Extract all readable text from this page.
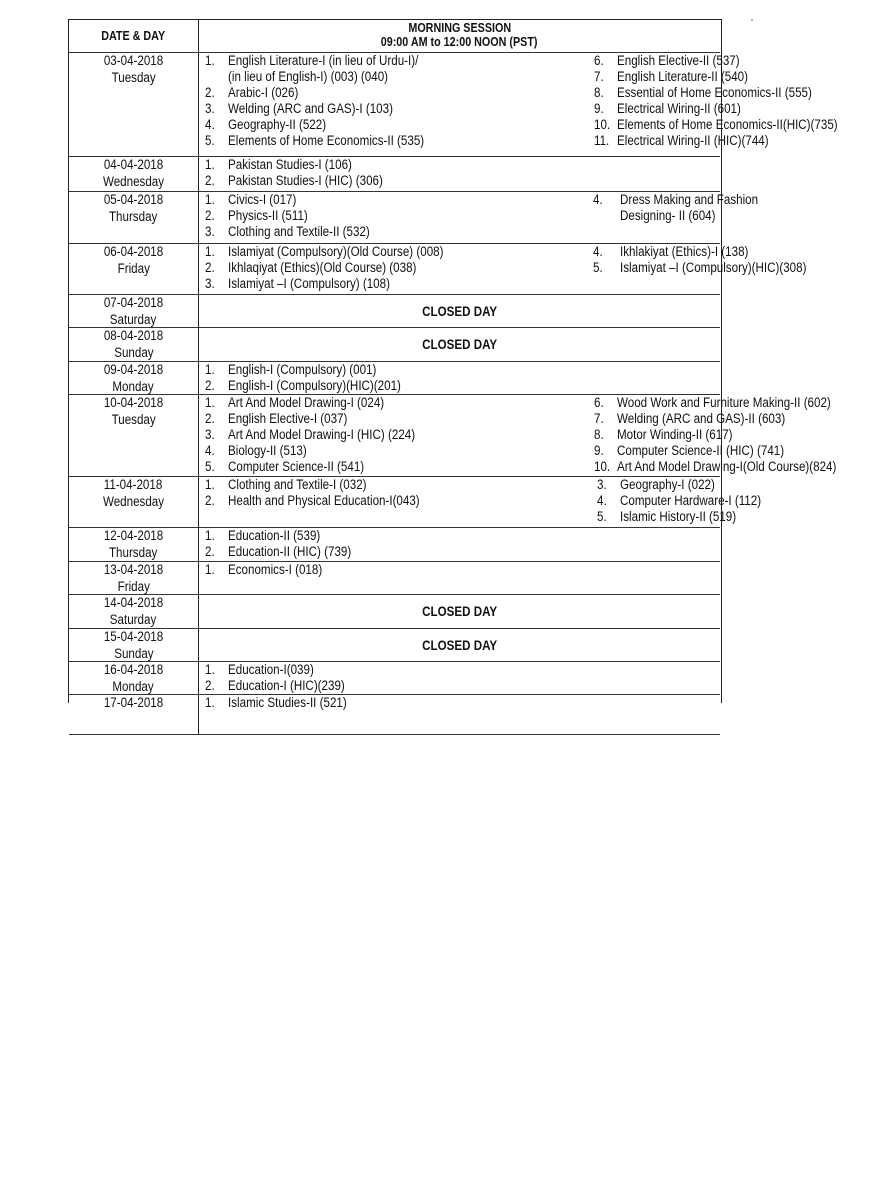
DATE & DAY
MORNING SESSION
09:00 AM to 12:00 NOON (PST)
03-04-2018
Tuesday
1. English Literature-I (in lieu of Urdu-I)/
(in lieu of English-I) (003) (040)
2. Arabic-I (026)
3. Welding (ARC and GAS)-I (103)
4. Geography-II (522)
5. Elements of Home Economics-II (535)
6. English Elective-II (537)
7. English Literature-II (540)
8. Essential of Home Economics-II (555)
9. Electrical Wiring-II (601)
10. Elements of Home Economics-II(HIC)(735)
11. Electrical Wiring-II (HIC)(744)
04-04-2018
Wednesday
1. Pakistan Studies-I (106)
2. Pakistan Studies-I (HIC) (306)
05-04-2018
Thursday
1. Civics-I (017)
2. Physics-II (511)
3. Clothing and Textile-II (532)
4. Dress Making and Fashion
Designing- II (604)
06-04-2018
Friday
1. Islamiyat (Compulsory)(Old Course) (008)
2. Ikhlaqiyat (Ethics)(Old Course) (038)
3. Islamiyat –I (Compulsory) (108)
4. Ikhlakiyat (Ethics)-I (138)
5. Islamiyat –I (Compulsory)(HIC)(308)
07-04-2018
Saturday	CLOSED DAY
08-04-2018
Sunday	CLOSED DAY
09-04-2018
Monday
1. English-I (Compulsory) (001)
2. English-I (Compulsory)(HIC)(201)
10-04-2018
Tuesday
1. Art And Model Drawing-I (024)
2. English Elective-I (037)
3. Art And Model Drawing-I (HIC) (224)
4. Biology-II (513)
5. Computer Science-II (541)
6. Wood Work and Furniture Making-II (602)
7. Welding (ARC and GAS)-II (603)
8. Motor Winding-II (617)
9. Computer Science-II (HIC) (741)
10. Art And Model Drawing-I(Old Course)(824)
11-04-2018
Wednesday
1. Clothing and Textile-I (032)
2. Health and Physical Education-I(043)
3. Geography-I (022)
4. Computer Hardware-I (112)
5. Islamic History-II (519)
12-04-2018
Thursday
1. Education-II (539)
2. Education-II (HIC) (739)
13-04-2018
Friday
1. Economics-I (018)
14-04-2018
Saturday	CLOSED DAY
15-04-2018
Sunday	CLOSED DAY
16-04-2018
Monday
1. Education-I(039)
2. Education-I (HIC)(239)
17-04-2018	1. Islamic Studies-II (521)
